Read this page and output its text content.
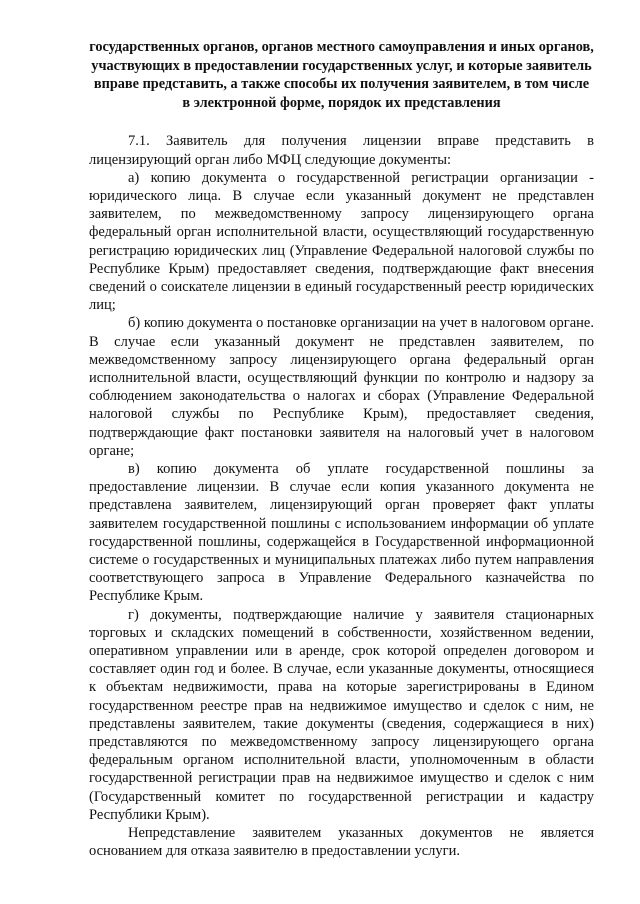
государственных органов, органов местного самоуправления и иных органов, участвующих в предоставлении государственных услуг, и которые заявитель вправе представить, а также способы их получения заявителем, в том числе в электронной форме, порядок их представления

7.1. Заявитель для получения лицензии вправе представить в лицензирующий орган либо МФЦ следующие документы:

а) копию документа о государственной регистрации организации - юридического лица. В случае если указанный документ не представлен заявителем, по межведомственному запросу лицензирующего органа федеральный орган исполнительной власти, осуществляющий государственную регистрацию юридических лиц (Управление Федеральной налоговой службы по Республике Крым) предоставляет сведения, подтверждающие факт внесения сведений о соискателе лицензии в единый государственный реестр юридических лиц;

б) копию документа о постановке организации на учет в налоговом органе. В случае если указанный документ не представлен заявителем, по межведомственному запросу лицензирующего органа федеральный орган исполнительной власти, осуществляющий функции по контролю и надзору за соблюдением законодательства о налогах и сборах (Управление Федеральной налоговой службы по Республике Крым), предоставляет сведения, подтверждающие факт постановки заявителя на налоговый учет в налоговом органе;

в) копию документа об уплате государственной пошлины за предоставление лицензии. В случае если копия указанного документа не представлена заявителем, лицензирующий орган проверяет факт уплаты заявителем государственной пошлины с использованием информации об уплате государственной пошлины, содержащейся в Государственной информационной системе о государственных и муниципальных платежах либо путем направления соответствующего запроса в Управление Федерального казначейства по Республике Крым.

г) документы, подтверждающие наличие у заявителя стационарных торговых и складских помещений в собственности, хозяйственном ведении, оперативном управлении или в аренде, срок которой определен договором и составляет один год и более. В случае, если указанные документы, относящиеся к объектам недвижимости, права на которые зарегистрированы в Едином государственном реестре прав на недвижимое имущество и сделок с ним, не представлены заявителем, такие документы (сведения, содержащиеся в них) представляются по межведомственному запросу лицензирующего органа федеральным органом исполнительной власти, уполномоченным в области государственной регистрации прав на недвижимое имущество и сделок с ним (Государственный комитет по государственной регистрации и кадастру Республики Крым).

Непредставление заявителем указанных документов не является основанием для отказа заявителю в предоставлении услуги.
